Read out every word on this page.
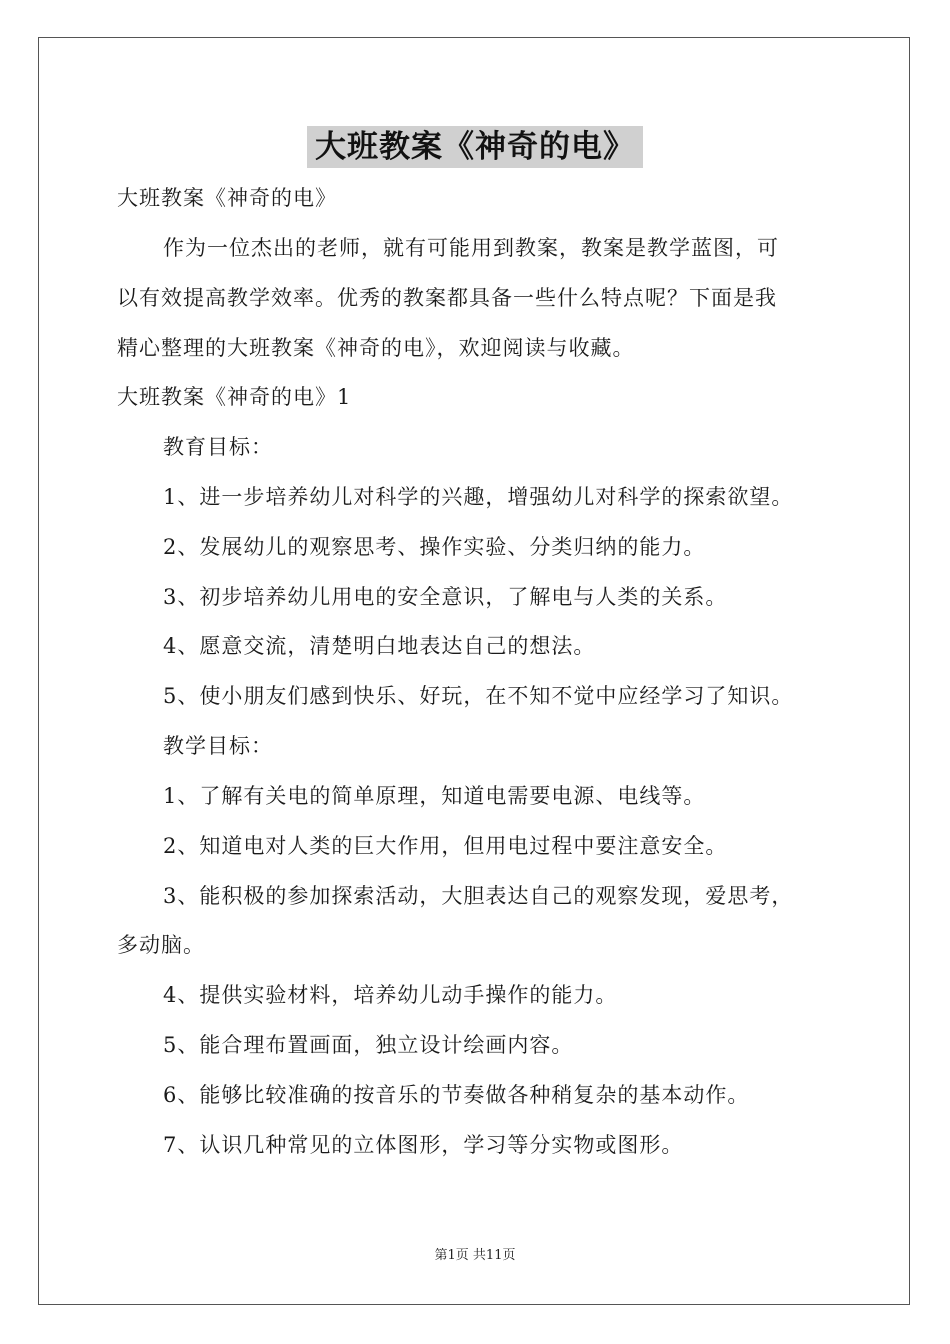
大班教案《神奇的电》
大班教案《神奇的电》
作为一位杰出的老师，就有可能用到教案，教案是教学蓝图，可
以有效提高教学效率。优秀的教案都具备一些什么特点呢？下面是我
精心整理的大班教案《神奇的电》，欢迎阅读与收藏。
大班教案《神奇的电》1
教育目标：
1、进一步培养幼儿对科学的兴趣，增强幼儿对科学的探索欲望。
2、发展幼儿的观察思考、操作实验、分类归纳的能力。
3、初步培养幼儿用电的安全意识，了解电与人类的关系。
4、愿意交流，清楚明白地表达自己的想法。
5、使小朋友们感到快乐、好玩，在不知不觉中应经学习了知识。
教学目标：
1、了解有关电的简单原理，知道电需要电源、电线等。
2、知道电对人类的巨大作用，但用电过程中要注意安全。
3、能积极的参加探索活动，大胆表达自己的观察发现，爱思考，
多动脑。
4、提供实验材料，培养幼儿动手操作的能力。
5、能合理布置画面，独立设计绘画内容。
6、能够比较准确的按音乐的节奏做各种稍复杂的基本动作。
7、认识几种常见的立体图形，学习等分实物或图形。
第1页 共11页
